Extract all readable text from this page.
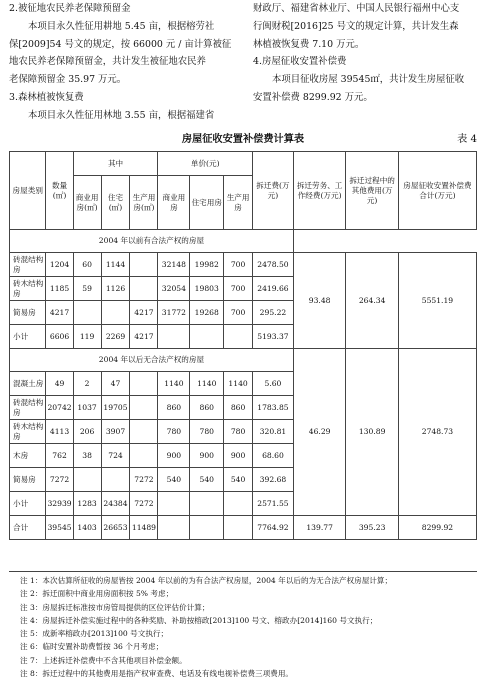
2.被征地农民养老保障预留金

本项目永久性征用耕地 5.45 亩，根据榕劳社

保[2009]54 号文的规定，按 66000 元 / 亩计算被征

地农民养老保障预留金，共计发生被征地农民养

老保障预留金 35.97 万元。

3.森林植被恢复费

本项目永久性征用林地 3.55 亩，根据福建省

财政厅、福建省林业厅、中国人民银行福州中心支

行闽财税[2016]25 号文的规定计算，共计发生森

林植被恢复费 7.10 万元。

4.房屋征收安置补偿费

本项目征收房屋 39545㎡，共计发生房屋征收

安置补偿费 8299.92 万元。

房屋征收安置补偿费计算表	表 4
房屋类别	数量(㎡)	其中			单价(元)			拆迁费(万元)	拆迁劳务、工作经费(万元)	拆迁过程中的其他费用(万元)	房屋征收安置补偿费合计(万元)
		商业用房(㎡)	住宅(㎡)	生产用房(㎡)	商业用房	住宅用房	生产用房				
2004 年以前有合法产权的房屋											
砖混结构房	1204	60	1144		32148	19982	700	2478.50	93.48	264.34	5551.19
砖木结构房	1185	59	1126		32054	19803	700	2419.66			
简易房	4217			4217	31772	19268	700	295.22			
小计	6606	119	2269	4217				5193.37			
2004 年以后无合法产权的房屋									46.29	130.89	2748.73
混凝土房	49	2	47		1140	1140	1140	5.60			
砖混结构房	20742	1037	19705		860	860	860	1783.85			
砖木结构房	4113	206	3907		780	780	780	320.81			
木房	762	38	724		900	900	900	68.60			
简易房	7272			7272	540	540	540	392.68			
小计	32939	1283	24384	7272				2571.55			
合计	39545	1403	26653	11489				7764.92	139.77	395.23	8299.92
注 1：本次估算所征收的房屋皆按 2004 年以前的为有合法产权房屋，2004 年以后的为无合法产权房屋计算；
注 2：拆迁面积中商业用房面积按 5% 考虑；
注 3：房屋拆迁标准按市房管局提供的区位评估价计算；
注 4：房屋拆迁补偿实施过程中的各种奖励、补助按榕政[2013]100 号文、榕政办[2014]160 号文执行；
注 5：成新率榕政办[2013]100 号文执行；
注 6：临时安置补助费暂按 36 个月考虑；
注 7：上述拆迁补偿费中不含其他项目补偿金额。
注 8：拆迁过程中的其他费用是指产权审查费、电话及有线电视补偿费三项费用。
